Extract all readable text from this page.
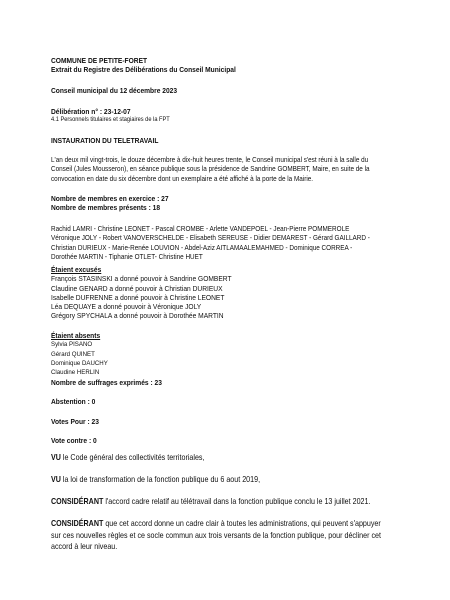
COMMUNE DE PETITE-FORET
Extrait du Registre des Délibérations du Conseil Municipal
Conseil municipal du 12 décembre 2023
Délibération n° : 23-12-07
4.1 Personnels titulaires et stagiaires de la FPT
INSTAURATION DU TELETRAVAIL
L'an deux mil vingt-trois, le douze décembre à dix-huit heures trente, le Conseil municipal s'est réuni à la salle du
Conseil (Jules Mousseron), en séance publique sous la présidence de Sandrine GOMBERT, Maire, en suite de la
convocation en date du six décembre dont un exemplaire a été affiché à la porte de la Mairie.
Nombre de membres en exercice : 27
Nombre de membres présents : 18
Rachid LAMRI - Christine LEONET - Pascal CROMBE - Arlette VANDEPOEL - Jean-Pierre POMMEROLE
Véronique JOLY - Robert VANOVERSCHELDE - Elisabeth SEREUSE - Didier DEMAREST - Gérard GAILLARD -
Christian DURIEUX - Marie-Renée LOUVION - Abdel-Aziz AITLAMAALEMAHMED - Dominique CORREA -
Dorothée MARTIN - Tiphanie OTLET- Christine HUET
Étaient excusés
François STASINSKI a donné pouvoir à Sandrine GOMBERT
Claudine GENARD a donné pouvoir à Christian DURIEUX
Isabelle DUFRENNE a donné pouvoir à Christine LEONET
Léa DEQUAYE a donné pouvoir à Véronique JOLY
Grégory SPYCHALA a donné pouvoir à Dorothée MARTIN
Étaient absents
Sylvia PISANO
Gérard QUINET
Dominique DAUCHY
Claudine HERLIN
Nombre de suffrages exprimés : 23
Abstention : 0
Votes Pour : 23
Vote contre : 0
VU le Code général des collectivités territoriales,
VU la loi de transformation de la fonction publique du 6 aout 2019,
CONSIDÉRANT l'accord cadre relatif au télétravail dans la fonction publique conclu le 13 juillet 2021.
CONSIDÉRANT que cet accord donne un cadre clair à toutes les administrations, qui peuvent s'appuyer
sur ces nouvelles règles et ce socle commun aux trois versants de la fonction publique, pour décliner cet
accord à leur niveau.
